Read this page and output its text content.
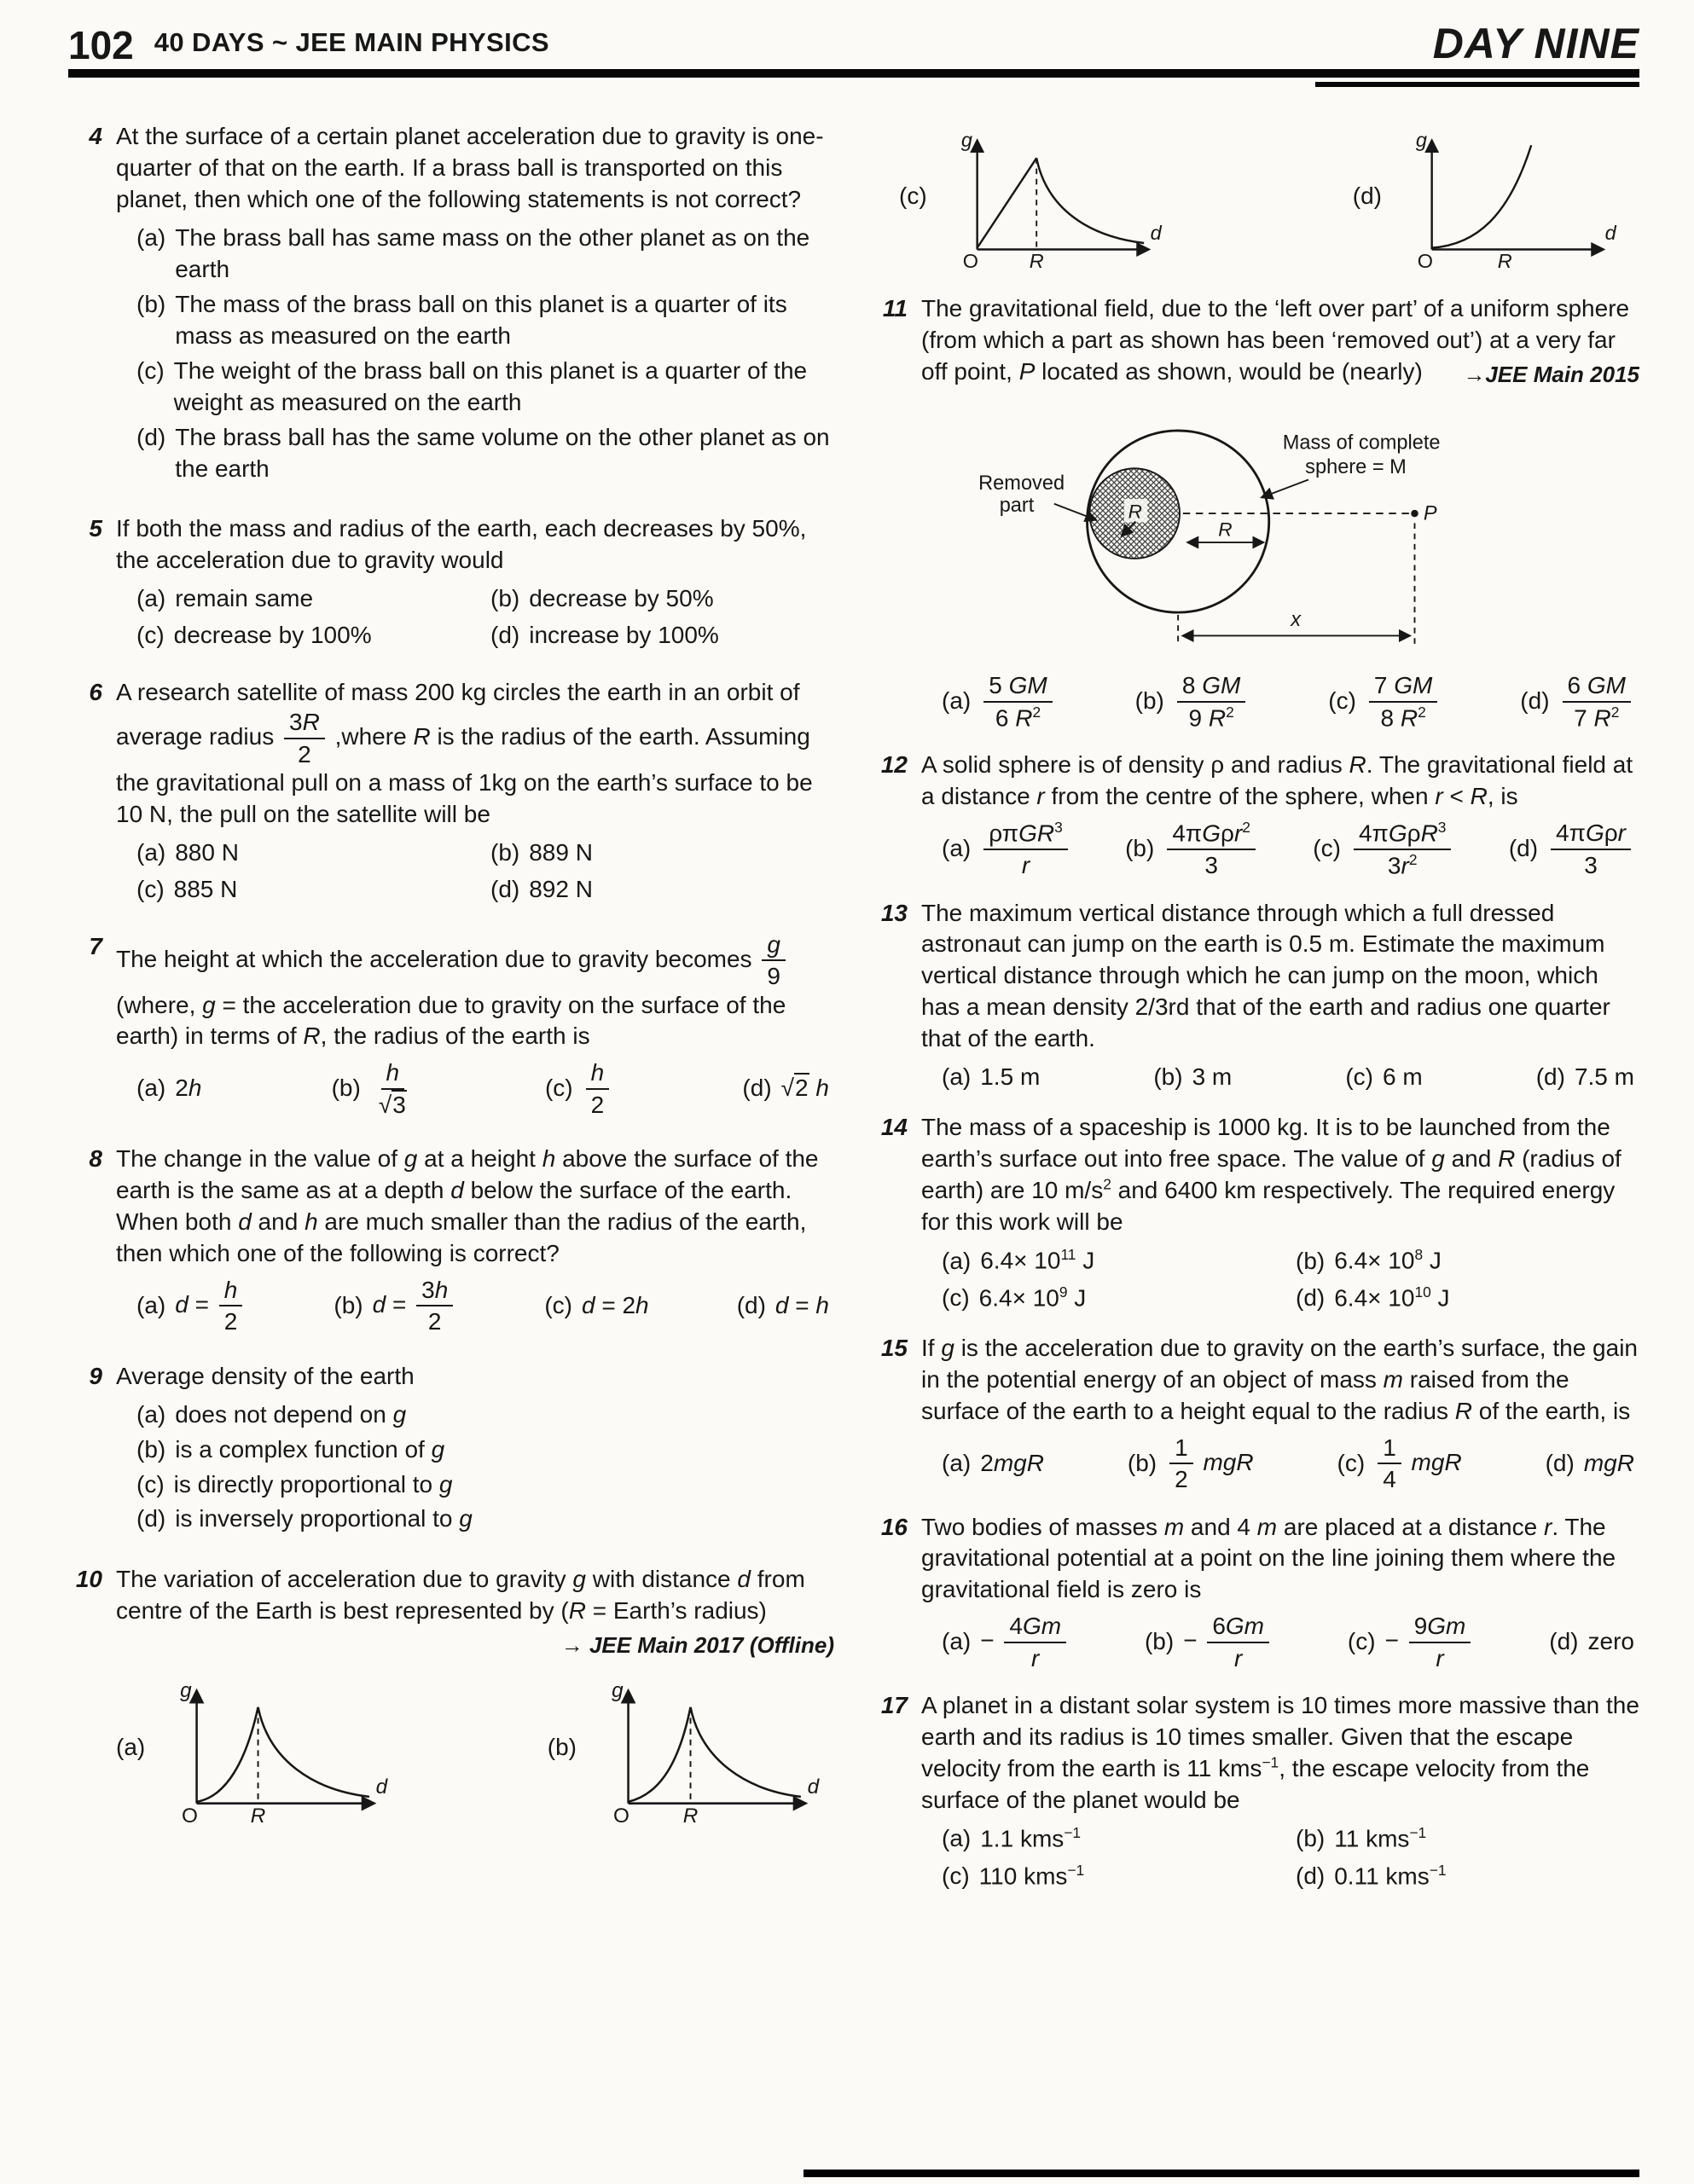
102 40 DAYS ~ JEE MAIN PHYSICS	DAY NINE
4 At the surface of a certain planet acceleration due to gravity is one-quarter of that on the earth. If a brass ball is transported on this planet, then which one of the following statements is not correct?
(a) The brass ball has same mass on the other planet as on the earth
(b) The mass of the brass ball on this planet is a quarter of its mass as measured on the earth
(c) The weight of the brass ball on this planet is a quarter of the weight as measured on the earth
(d) The brass ball has the same volume on the other planet as on the earth
5 If both the mass and radius of the earth, each decreases by 50%, the acceleration due to gravity would
(a) remain same	(b) decrease by 50%
(c) decrease by 100%	(d) increase by 100%
6 A research satellite of mass 200 kg circles the earth in an orbit of average radius $\frac{3R}{2}$ ,where R is the radius of the earth. Assuming the gravitational pull on a mass of 1kg on the earth’s surface to be 10 N, the pull on the satellite will be
(a) 880 N	(b) 889 N
(c) 885 N	(d) 892 N
7 The height at which the acceleration due to gravity becomes $\frac{g}{9}$
(where, g = the acceleration due to gravity on the surface of the earth) in terms of R, the radius of the earth is
(a) 2h	$(b) \frac{h}{√3}$	$(c) \frac{h}{2}$	(d) √2 h
8 The change in the value of g at a height h above the surface of the earth is the same as at a depth d below the surface of the earth. When both d and h are much smaller than the radius of the earth, then which one of the following is correct?
(a) $d = \frac{h}{2}$	(b) $d = \frac{3h}{2}$	(c) d = 2h	(d) d = h
9 Average density of the earth
(a) does not depend on g
(b) is a complex function of g
(c) is directly proportional to g
(d) is inversely proportional to g
10 The variation of acceleration due to gravity g with distance d from centre of the Earth is best represented by (R = Earth’s radius)
→ JEE Main 2017 (Offline)
(a)
g
d
O R
(b)
g
d
O	R
(c)
g
d
O R
(d)
g
d
O	R
11 The gravitational field, due to the ‘left over part’ of a uniform sphere (from which a part as shown has been ‘removed out’) at a very far off point, P located as shown, would be (nearly) →JEE Main 2015
R
Removed
part
Mass of complete
sphere = M
P
R
x
$(a) \frac{5 GM}{6 R^2}$	$(b) \frac{8 GM}{9 R^2}$	$(c) \frac{7 GM}{8 R^2}$	$(d) \frac{6 GM}{7 R^2}$
12 A solid sphere is of density ρ and radius R. The gravitational field at a distance r from the centre of the sphere, when r < R, is
$(a) \frac{\rho\pi GR^3}{r} (b) \frac{4\pi G\rho r^2}{3} (c) \frac{4\pi G\rho R^3}{3r^2} (d) \frac{\text{4πGρr}}{3}$
13 The maximum vertical distance through which a full dressed astronaut can jump on the earth is 0.5 m. Estimate the maximum vertical distance through which he can jump on the moon, which has a mean density 2/3rd that of the earth and radius one quarter that of the earth.
(a) 1.5 m	(b) 3 m	(c) 6 m	(d) 7.5 m
14 The mass of a spaceship is 1000 kg. It is to be launched from the earth’s surface out into free space. The value of g and R (radius of earth) are 10 $m/s^2$ and 6400 km respectively. The required energy for this work will be
(a) $6.4\times 10^{11}$ J	(b) $6.4\times 10^8$ J
(c) $6.4\times 10^9$ J	(d) $6.4\times 10^{10}$ J
15 If g is the acceleration due to gravity on the earth’s surface, the gain in the potential energy of an object of mass m raised from the surface of the earth to a height equal to the radius R of the earth, is
(a) 2mgR	$(b) \frac{1}{2}$ mgR	$(c) \frac{1}{4}$ mgR	(d) mgR
16 Two bodies of masses m and 4 m are placed at a distance r. The gravitational potential at a point on the line joining them where the gravitational field is zero is
$(a) - \frac{4Gm}{r}$	$(b) - \frac{6Gm}{r}$	$(c) - \frac{9Gm}{r}$	(d) zero
17 A planet in a distant solar system is 10 times more massive than the earth and its radius is 10 times smaller. Given that the escape velocity from the earth is 11 kms$^{-1}$, the escape velocity from the surface of the planet would be
(a) 1.1 kms$^{-1}$	(b) 11 kms$^{-1}$
(c) 110 kms$^{-1}$	(d) 0.11 kms$^{-1}$
